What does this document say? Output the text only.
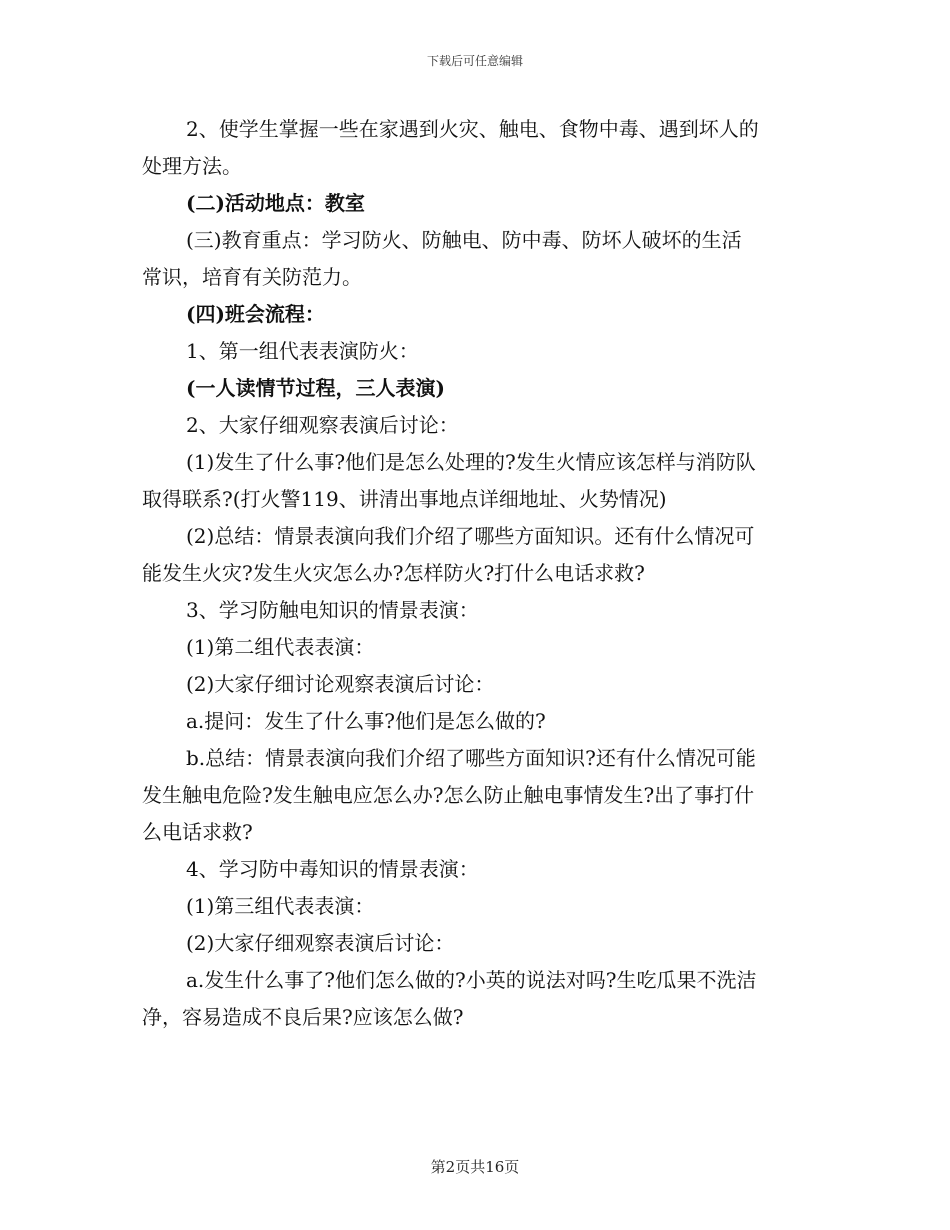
下载后可任意编辑
2、使学生掌握一些在家遇到火灾、触电、食物中毒、遇到坏人的
处理方法。
(二)活动地点：教室
(三)教育重点：学习防火、防触电、防中毒、防坏人破坏的生活
常识，培育有关防范力。
(四)班会流程：
1、第一组代表表演防火：
(一人读情节过程，三人表演)
2、大家仔细观察表演后讨论：
(1)发生了什么事?他们是怎么处理的?发生火情应该怎样与消防队
取得联系?(打火警119、讲清出事地点详细地址、火势情况)
(2)总结：情景表演向我们介绍了哪些方面知识。还有什么情况可
能发生火灾?发生火灾怎么办?怎样防火?打什么电话求救?
3、学习防触电知识的情景表演：
(1)第二组代表表演：
(2)大家仔细讨论观察表演后讨论：
a.提问：发生了什么事?他们是怎么做的?
b.总结：情景表演向我们介绍了哪些方面知识?还有什么情况可能
发生触电危险?发生触电应怎么办?怎么防止触电事情发生?出了事打什
么电话求救?
4、学习防中毒知识的情景表演：
(1)第三组代表表演：
(2)大家仔细观察表演后讨论：
a.发生什么事了?他们怎么做的?小英的说法对吗?生吃瓜果不洗洁
净，容易造成不良后果?应该怎么做?
第2页共16页
